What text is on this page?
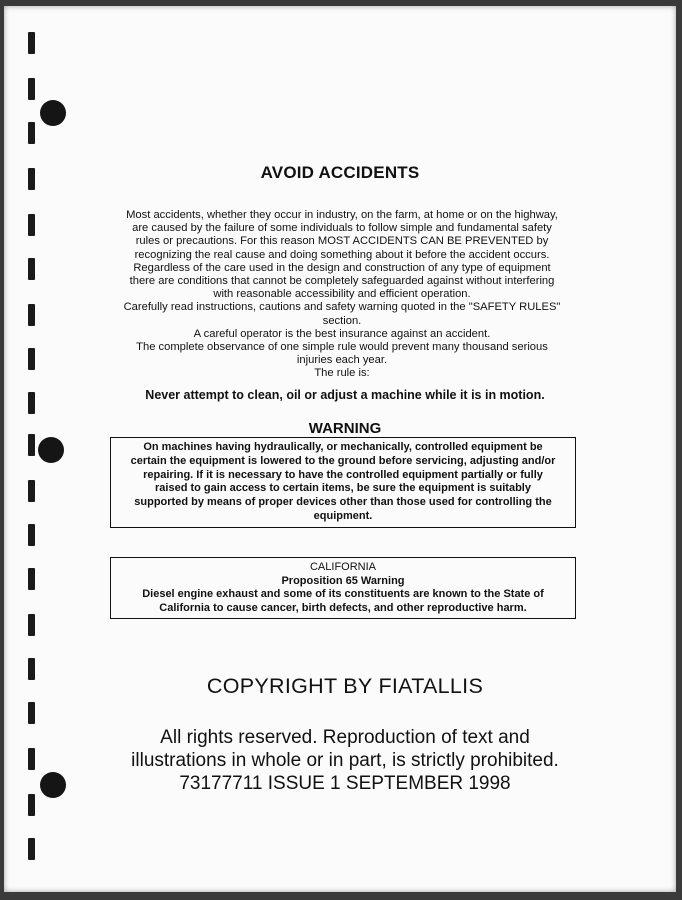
AVOID ACCIDENTS

Most accidents, whether they occur in industry, on the farm, at home or on the highway,

are caused by the failure of some individuals to follow simple and fundamental safety

rules or precautions. For this reason MOST ACCIDENTS CAN BE PREVENTED by

recognizing the real cause and doing something about it before the accident occurs.

Regardless of the care used in the design and construction of any type of equipment

there are conditions that cannot be completely safeguarded against without interfering

with reasonable accessibility and efficient operation.

Carefully read instructions, cautions and safety warning quoted in the "SAFETY RULES" section.

A careful operator is the best insurance against an accident.

The complete observance of one simple rule would prevent many thousand serious

injuries each year.

The rule is:

Never attempt to clean, oil or adjust a machine while it is in motion.
WARNING
On machines having hydraulically, or mechanically, controlled equipment be
certain the equipment is lowered to the ground before servicing, adjusting and/or
repairing. If it is necessary to have the controlled equipment partially or fully
raised to gain access to certain items, be sure the equipment is suitably
supported by means of proper devices other than those used for controlling the
equipment.
CALIFORNIA
Proposition 65 Warning
Diesel engine exhaust and some of its constituents are known to the State of
California to cause cancer, birth defects, and other reproductive harm.
COPYRIGHT BY FIATALLIS
All rights reserved. Reproduction of text and
illustrations in whole or in part, is strictly prohibited.
73177711 ISSUE 1 SEPTEMBER 1998
